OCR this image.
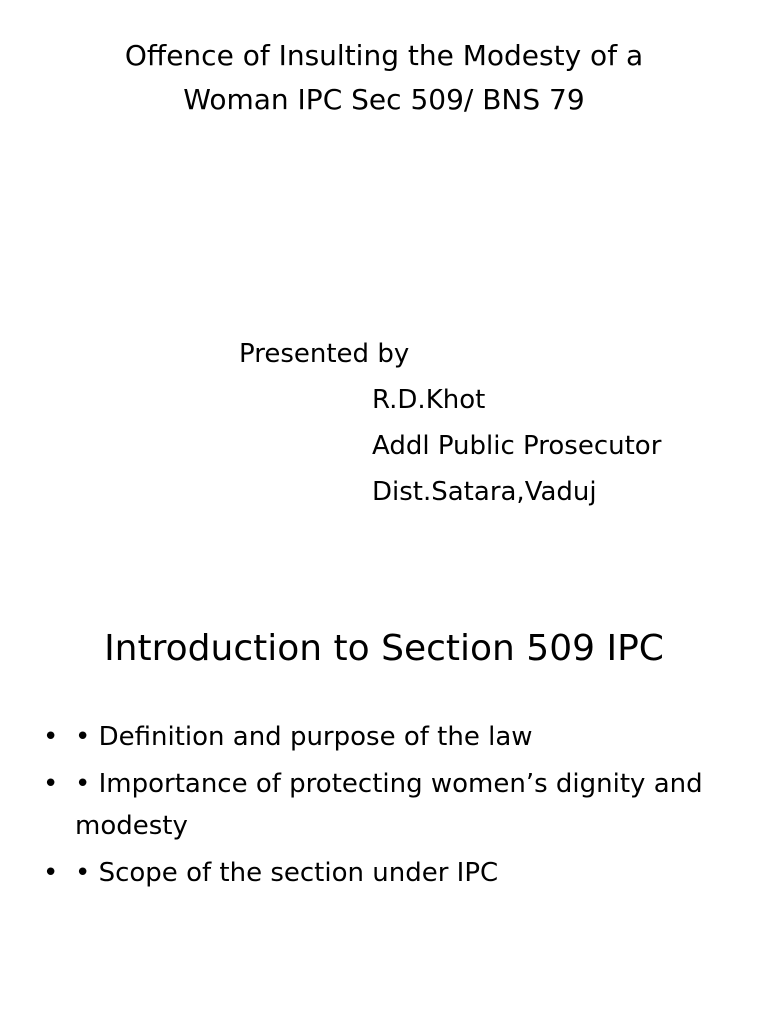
Offence of Insulting the Modesty of a
Woman IPC Sec 509/ BNS 79
Presented by
R.D.Khot
Addl Public Prosecutor
Dist.Satara,Vaduj
Introduction to Section 509 IPC
• • Definition and purpose of the law
• • Importance of protecting women’s dignity and modesty
• • Scope of the section under IPC
